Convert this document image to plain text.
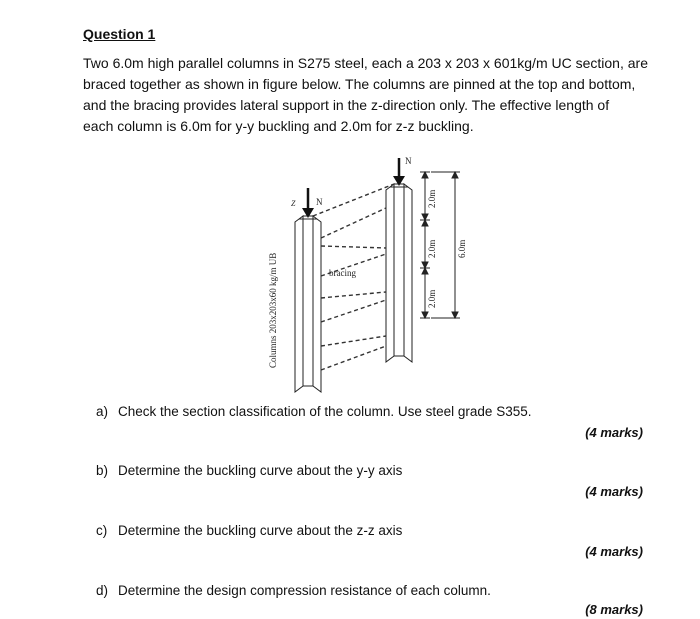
Question 1
Two 6.0m high parallel columns in S275 steel, each a 203 x 203 x 601kg/m UC section, are
braced together as shown in figure below. The columns are pinned at the top and bottom,
and the bracing provides lateral support in the z-direction only. The effective length of
each column is 6.0m for y-y buckling and 2.0m for z-z buckling.
Columns 203x203x60 kg/m UB	bracing
N
Z
N
2.0m
2.0m
2.0m
6.0m
a) Check the section classification of the column. Use steel grade S355.
(4 marks)
b) Determine the buckling curve about the y-y axis
(4 marks)
c) Determine the buckling curve about the z-z axis
(4 marks)
d) Determine the design compression resistance of each column.
(8 marks)
